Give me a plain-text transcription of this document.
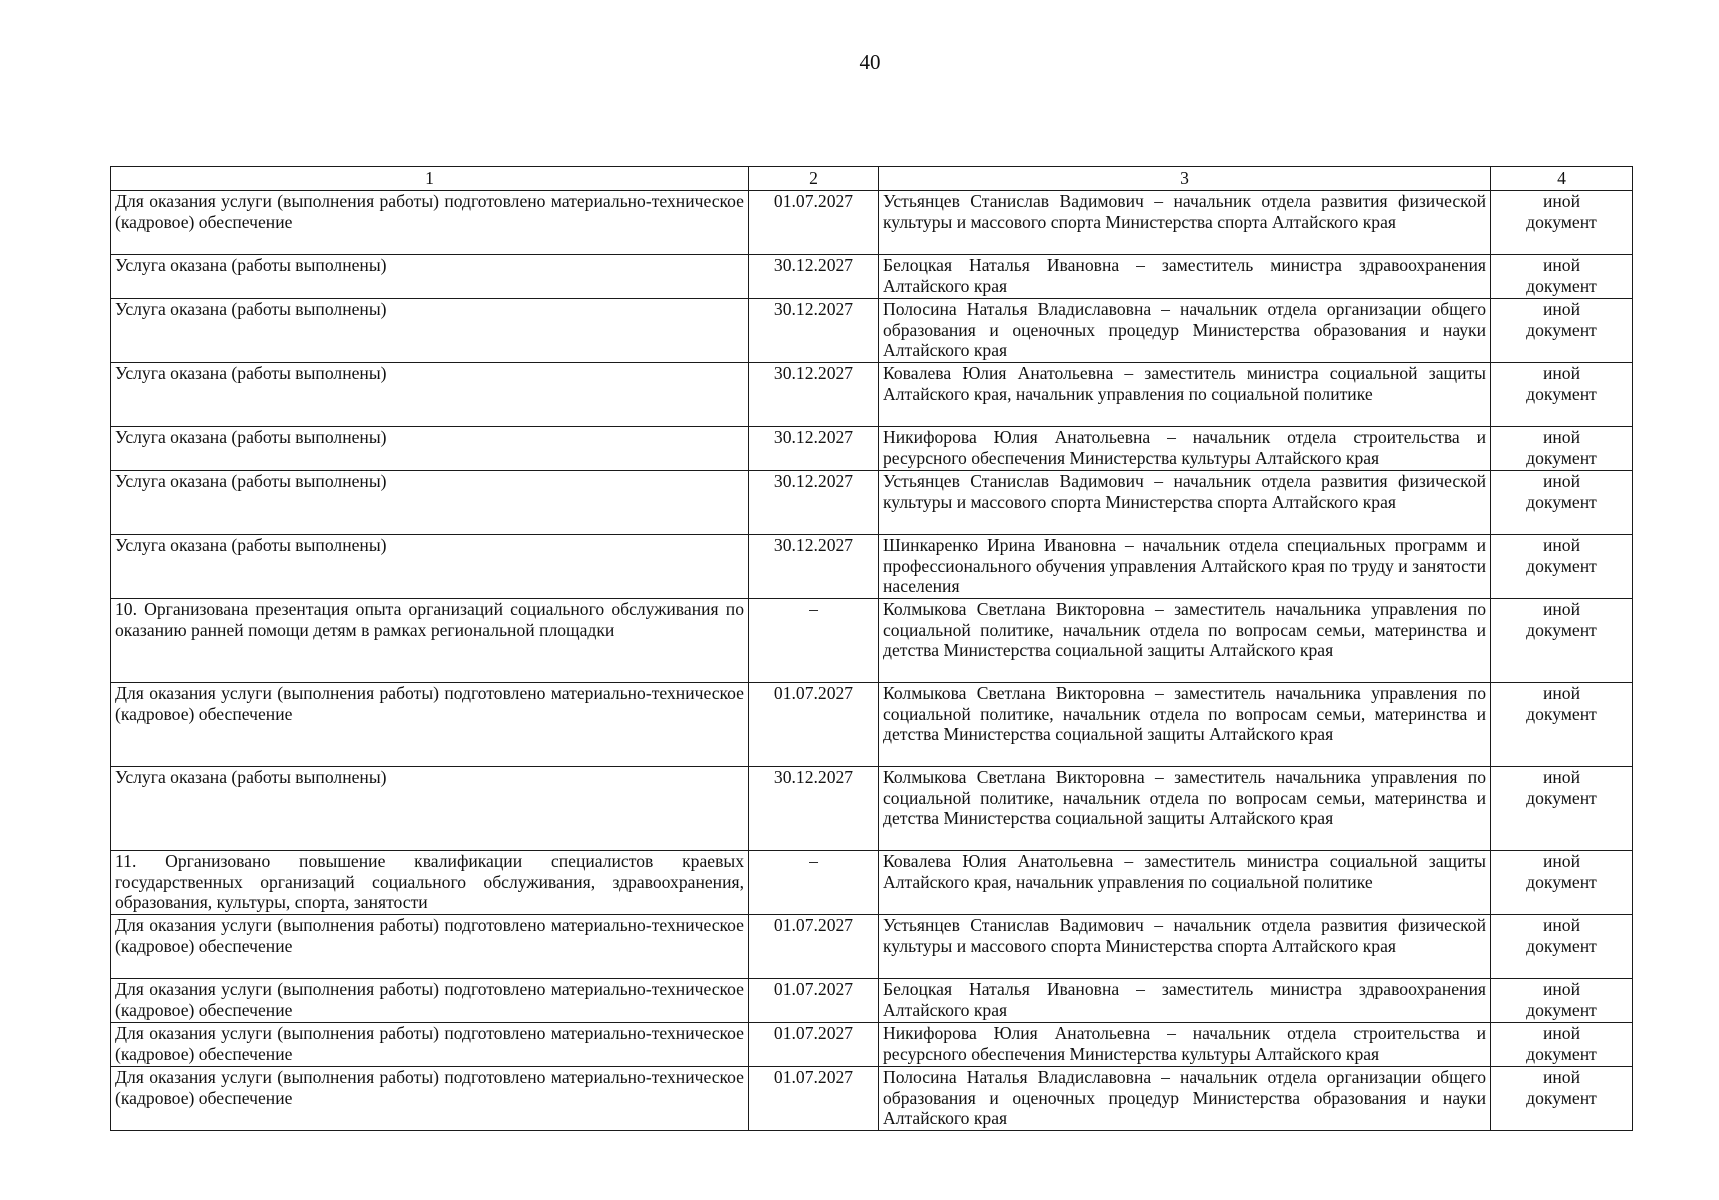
40
1	2	3	4
Для оказания услуги (выполнения работы) подготовлено материально-техническое (кадровое) обеспечение	01.07.2027	Устьянцев Станислав Вадимович – начальник отдела развития физической культуры и массового спорта Министерства спорта Алтайского края	иной
документ

Услуга оказана (работы выполнены)	30.12.2027	Белоцкая Наталья Ивановна – заместитель министра здравоохранения Алтайского края	иной
документ

Услуга оказана (работы выполнены)	30.12.2027	Полосина Наталья Владиславовна – начальник отдела организации общего образования и оценочных процедур Министерства образования и науки Алтайского края	иной
документ

Услуга оказана (работы выполнены)	30.12.2027	Ковалева Юлия Анатольевна – заместитель министра социальной защиты Алтайского края, начальник управления по социальной политике	иной
документ

Услуга оказана (работы выполнены)	30.12.2027	Никифорова Юлия Анатольевна – начальник отдела строительства и ресурсного обеспечения Министерства культуры Алтайского края	иной
документ

Услуга оказана (работы выполнены)	30.12.2027	Устьянцев Станислав Вадимович – начальник отдела развития физической культуры и массового спорта Министерства спорта Алтайского края	иной
документ

Услуга оказана (работы выполнены)	30.12.2027	Шинкаренко Ирина Ивановна – начальник отдела специальных программ и профессионального обучения управления Алтайского края по труду и занятости населения	иной
документ

10. Организована презентация опыта организаций социального обслуживания по оказанию ранней помощи детям в рамках региональной площадки	–	Колмыкова Светлана Викторовна – заместитель начальника управления по социальной политике, начальник отдела по вопросам семьи, материнства и детства Министерства социальной защиты Алтайского края	иной
документ

Для оказания услуги (выполнения работы) подготовлено материально-техническое (кадровое) обеспечение	01.07.2027	Колмыкова Светлана Викторовна – заместитель начальника управления по социальной политике, начальник отдела по вопросам семьи, материнства и детства Министерства социальной защиты Алтайского края	иной
документ

Услуга оказана (работы выполнены)	30.12.2027	Колмыкова Светлана Викторовна – заместитель начальника управления по социальной политике, начальник отдела по вопросам семьи, материнства и детства Министерства социальной защиты Алтайского края	иной
документ

11. Организовано повышение квалификации специалистов краевых государственных организаций социального обслуживания, здравоохранения, образования, культуры, спорта, занятости	–	Ковалева Юлия Анатольевна – заместитель министра социальной защиты Алтайского края, начальник управления по социальной политике	иной
документ

Для оказания услуги (выполнения работы) подготовлено материально-техническое (кадровое) обеспечение	01.07.2027	Устьянцев Станислав Вадимович – начальник отдела развития физической культуры и массового спорта Министерства спорта Алтайского края	иной
документ

Для оказания услуги (выполнения работы) подготовлено материально-техническое (кадровое) обеспечение	01.07.2027	Белоцкая Наталья Ивановна – заместитель министра здравоохранения Алтайского края	иной
документ

Для оказания услуги (выполнения работы) подготовлено материально-техническое (кадровое) обеспечение	01.07.2027	Никифорова Юлия Анатольевна – начальник отдела строительства и ресурсного обеспечения Министерства культуры Алтайского края	иной
документ

Для оказания услуги (выполнения работы) подготовлено материально-техническое (кадровое) обеспечение	01.07.2027	Полосина Наталья Владиславовна – начальник отдела организации общего образования и оценочных процедур Министерства образования и науки Алтайского края	иной
документ
